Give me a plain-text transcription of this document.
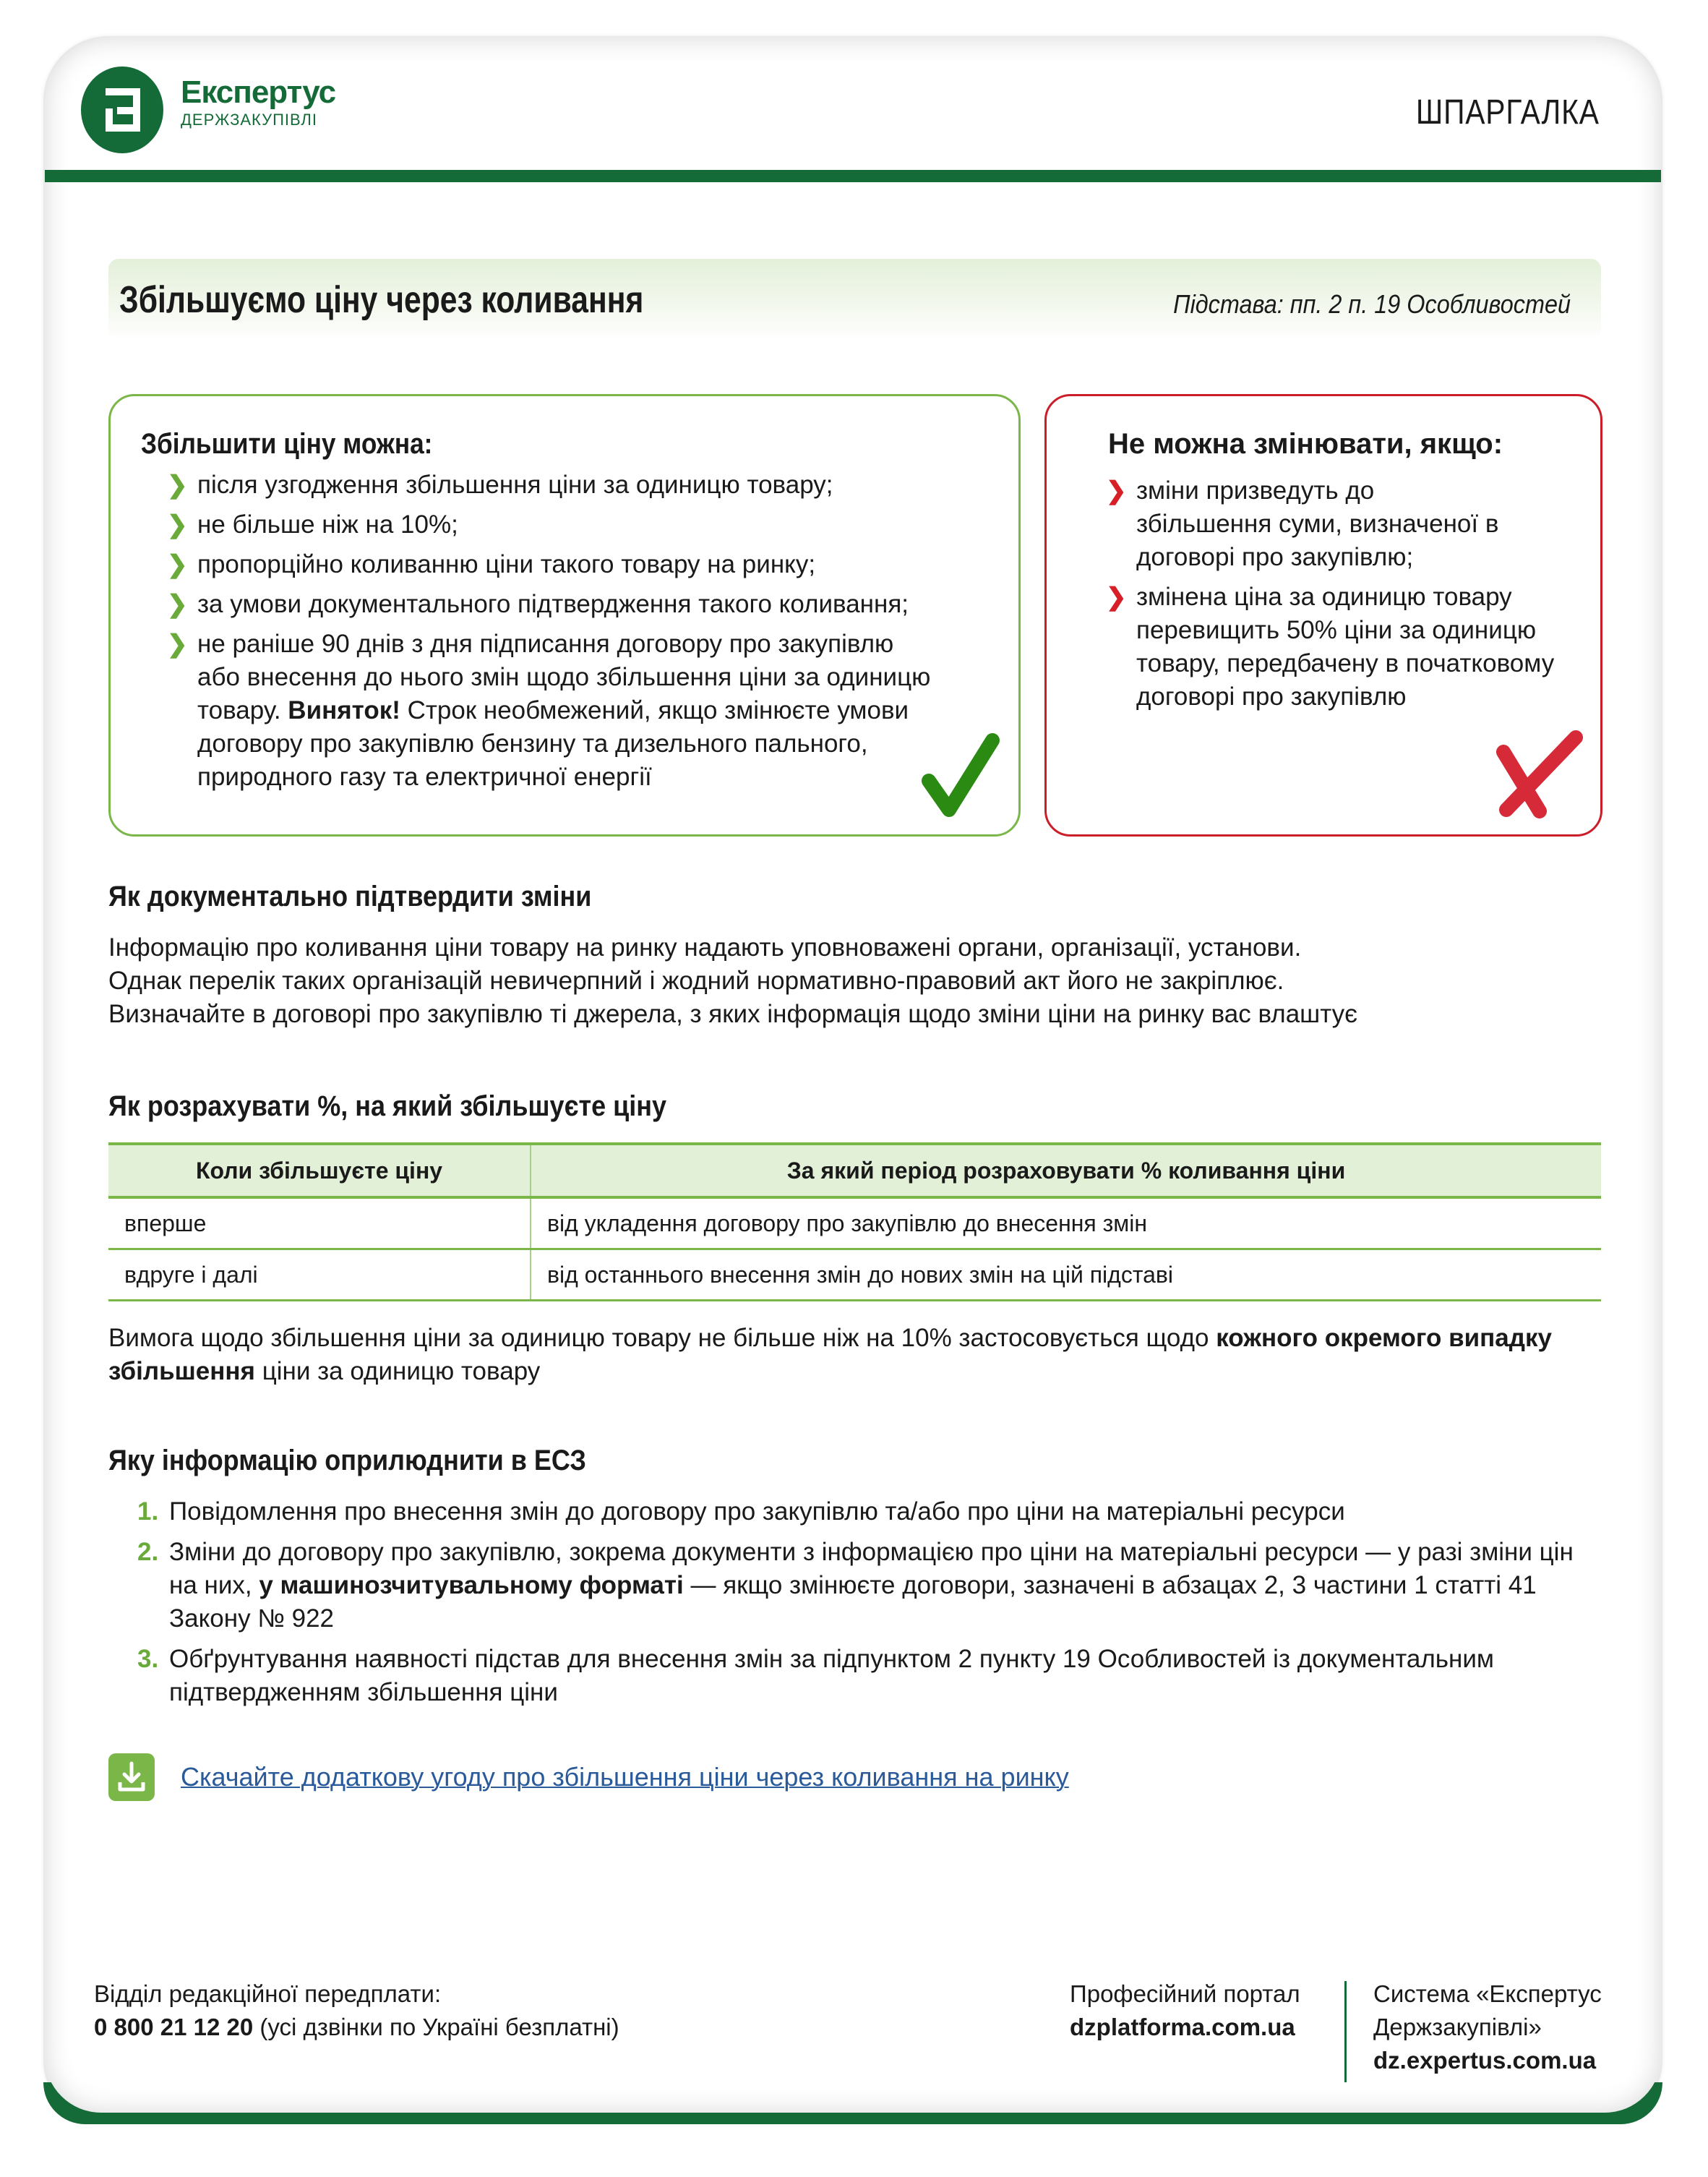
Експертус
ДЕРЖЗАКУПІВЛІ	ШПАРГАЛКА
Збільшуємо ціну через коливання	Підстава: пп. 2 п. 19 Особливостей
Збільшити ціну можна:
❯ після узгодження збільшення ціни за одиницю товару;
❯ не більше ніж на 10%;
❯ пропорційно коливанню ціни такого товару на ринку;
❯ за умови документального підтвердження такого коливання;
❯ не раніше 90 днів з дня підписання договору про закупівлю або внесення до нього змін щодо збільшення ціни за одиницю товару. Виняток! Строк необмежений, якщо змінюєте умови договору про закупівлю бензину та дизельного пального, природного газу та електричної енергії
Не можна змінювати, якщо:
❯ зміни призведуть до збільшення суми, визначеної в договорі про закупівлю;
❯ змінена ціна за одиницю товару перевищить 50% ціни за одиницю товару, передбачену в початковому договорі про закупівлю
Як документально підтвердити зміни

Інформацію про коливання ціни товару на ринку надають уповноважені органи, організації, установи.

Однак перелік таких організацій невичерпний і жодний нормативно-правовий акт його не закріплює.

Визначайте в договорі про закупівлю ті джерела, з яких інформація щодо зміни ціни на ринку вас влаштує

Як розрахувати %, на який збільшуєте ціну
Коли збільшуєте ціну	За який період розраховувати % коливання ціни
вперше	від укладення договору про закупівлю до внесення змін
вдруге і далі	від останнього внесення змін до нових змін на цій підставі
Вимога щодо збільшення ціни за одиницю товару не більше ніж на 10% застосовується щодо кожного окремого випадку збільшення ціни за одиницю товару
Яку інформацію оприлюднити в ЕСЗ
1. Повідомлення про внесення змін до договору про закупівлю та/або про ціни на матеріальні ресурси
2. Зміни до договору про закупівлю, зокрема документи з інформацією про ціни на матеріальні ресурси — у разі зміни цін на них, у машинозчитувальному форматі — якщо змінюєте договори, зазначені в абзацах 2, 3 частини 1 статті 41 Закону № 922
3. Обґрунтування наявності підстав для внесення змін за підпунктом 2 пункту 19 Особливостей із документальним підтвердженням збільшення ціни
Скачайте додаткову угоду про збільшення ціни через коливання на ринку
Відділ редакційної передплати:
0 800 21 12 20 (усі дзвінки по Україні безплатні)
Професійний портал
dzplatforma.com.ua
Система «Експертус
Держзакупівлі»
dz.expertus.com.ua
